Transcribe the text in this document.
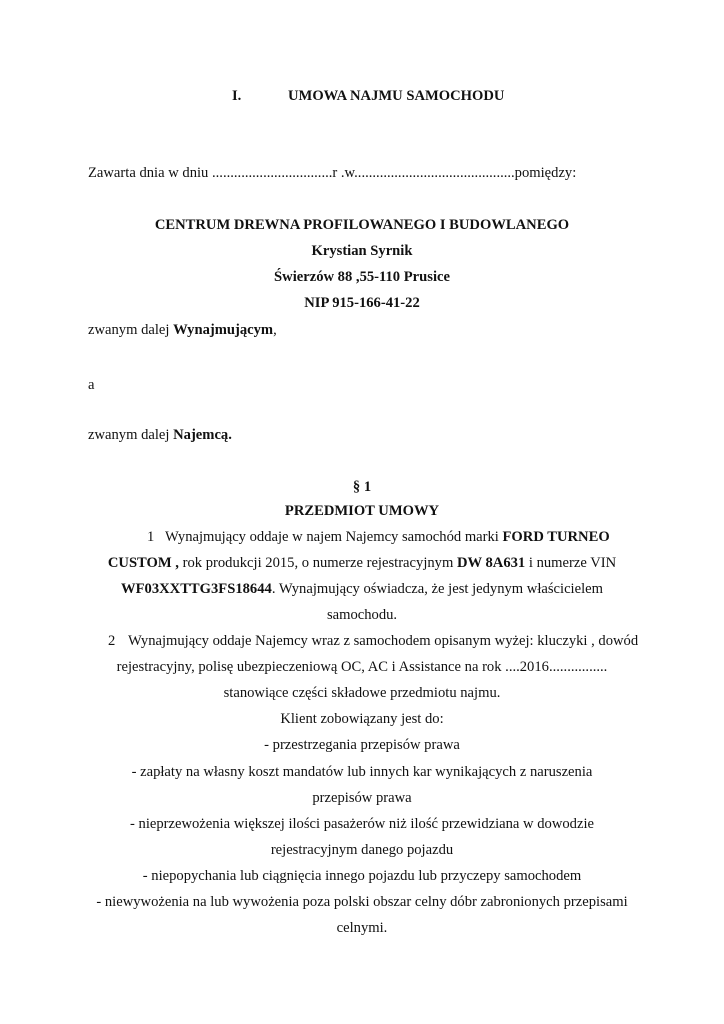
I.	UMOWA NAJMU SAMOCHODU
Zawarta dnia w dniu .................................r .w............................................pomiędzy:
CENTRUM DREWNA PROFILOWANEGO I BUDOWLANEGO
Krystian Syrnik
Świerzów 88 ,55-110 Prusice
NIP 915-166-41-22
zwanym dalej Wynajmującym,
a
zwanym dalej Najemcą.
§ 1
PRZEDMIOT UMOWY
1 Wynajmujący oddaje w najem Najemcy samochód marki FORD TURNEO
CUSTOM , rok produkcji 2015, o numerze rejestracyjnym DW 8A631 i numerze VIN
WF03XXTTG3FS18644. Wynajmujący oświadcza, że jest jedynym właścicielem
samochodu.
2 Wynajmujący oddaje Najemcy wraz z samochodem opisanym wyżej: kluczyki , dowód
rejestracyjny, polisę ubezpieczeniową OC, AC i Assistance na rok ....2016................
stanowiące części składowe przedmiotu najmu.
Klient zobowiązany jest do:
- przestrzegania przepisów prawa
- zapłaty na własny koszt mandatów lub innych kar wynikających z naruszenia
przepisów prawa
- nieprzewożenia większej ilości pasażerów niż ilość przewidziana w dowodzie
rejestracyjnym danego pojazdu
- niepopychania lub ciągnięcia innego pojazdu lub przyczepy samochodem
- niewywożenia na lub wywożenia poza polski obszar celny dóbr zabronionych przepisami
celnymi.
